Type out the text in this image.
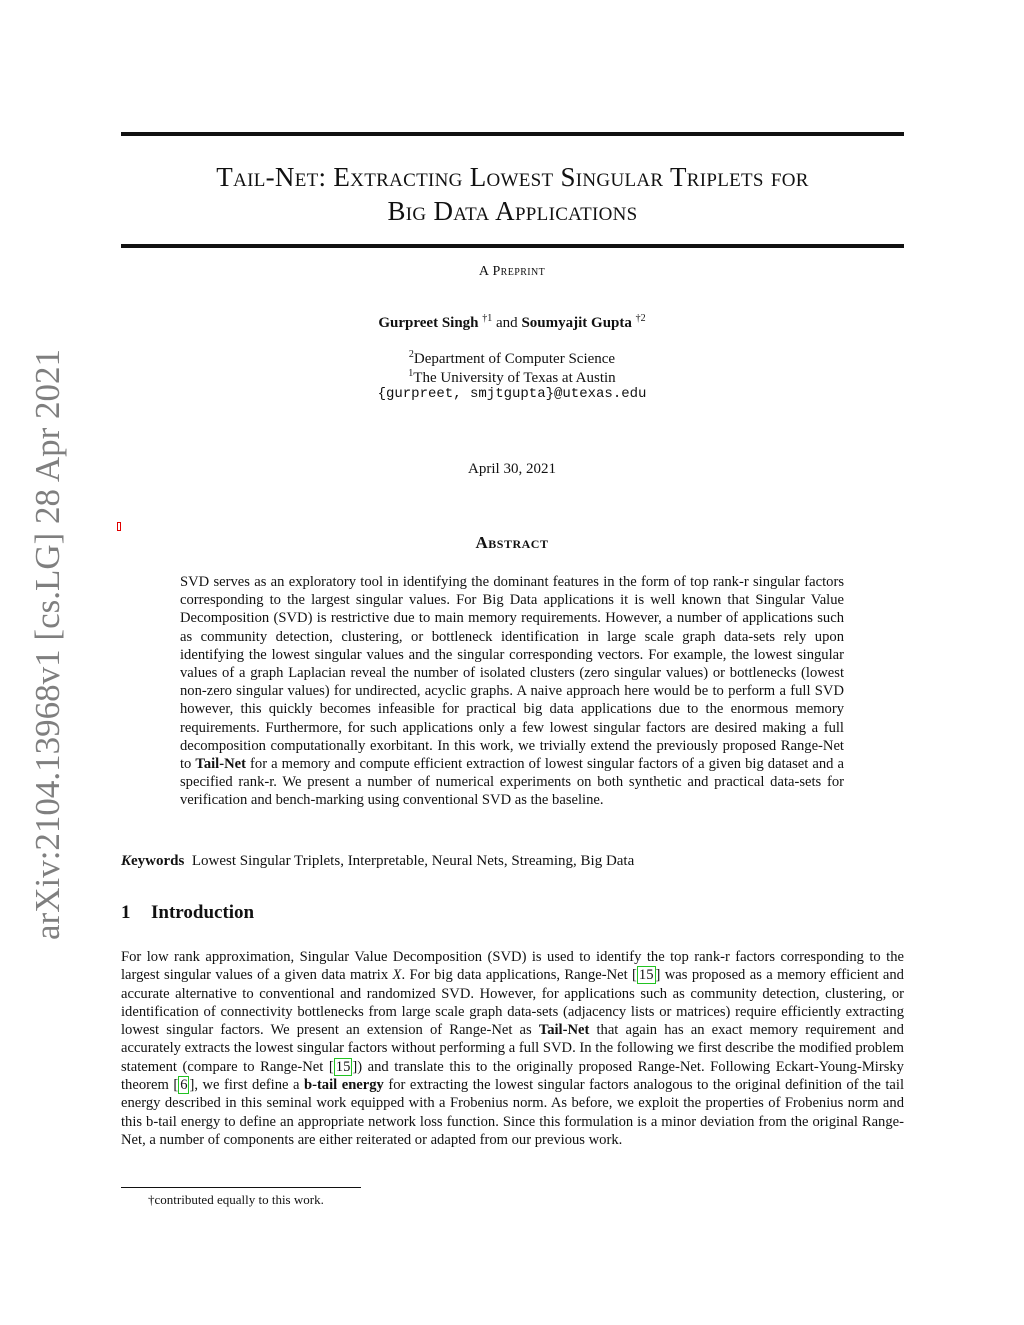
Tail-Net: Extracting Lowest Singular Triplets for
Big Data Applications
A Preprint
Gurpreet Singh $^{\dagger 1}$ and Soumyajit Gupta $^{\dagger 2}$
$^2$Department of Computer Science
$^1$The University of Texas at Austin
{gurpreet, smjtgupta}@utexas.edu
April 30, 2021
arXiv:2104.13968v1 [cs.LG] 28 Apr 2021	Abstract

SVD serves as an exploratory tool in identifying the dominant features in the form of top rank-r singular factors corresponding to the largest singular values. For Big Data applications it is well known that Singular Value Decomposition (SVD) is restrictive due to main memory requirements. However, a number of applications such as community detection, clustering, or bottleneck identification in large scale graph data-sets rely upon identifying the lowest singular values and the singular corresponding vectors. For example, the lowest singular values of a graph Laplacian reveal the number of isolated clusters (zero singular values) or bottlenecks (lowest non-zero singular values) for undirected, acyclic graphs. A naive approach here would be to perform a full SVD however, this quickly becomes infeasible for practical big data applications due to the enormous memory requirements. Furthermore, for such applications only a few lowest singular factors are desired making a full decomposition computationally exorbitant. In this work, we trivially extend the previously proposed Range-Net to Tail-Net for a memory and compute efficient extraction of lowest singular factors of a given big dataset and a specified rank-r. We present a number of numerical experiments on both synthetic and practical data-sets for verification and bench-marking using conventional SVD as the baseline.

Keywords Lowest Singular Triplets, Interpretable, Neural Nets, Streaming, Big Data
1 Introduction

For low rank approximation, Singular Value Decomposition (SVD) is used to identify the top rank-r factors corresponding to the largest singular values of a given data matrix X. For big data applications, Range-Net [ 15 ] was proposed as a memory efficient and accurate alternative to conventional and randomized SVD. However, for applications such as community detection, clustering, or identification of connectivity bottlenecks from large scale graph data-sets (adjacency lists or matrices) require efficiently extracting lowest singular factors. We present an extension of Range-Net as Tail-Net that again has an exact memory requirement and accurately extracts the lowest singular factors without performing a full SVD. In the following we first describe the modified problem statement (compare to Range-Net [ 15 ]) and translate this to the originally proposed Range-Net. Following Eckart-Young-Mirsky theorem [ 6 ], we first define a b-tail energy for extracting the lowest singular factors analogous to the original definition of the tail energy described in this seminal work equipped with a Frobenius norm. As before, we exploit the properties of Frobenius norm and this b-tail energy to define an appropriate network loss function. Since this formulation is a minor deviation from the original Range-Net, a number of components are either reiterated or adapted from our previous work.

†contributed equally to this work.
